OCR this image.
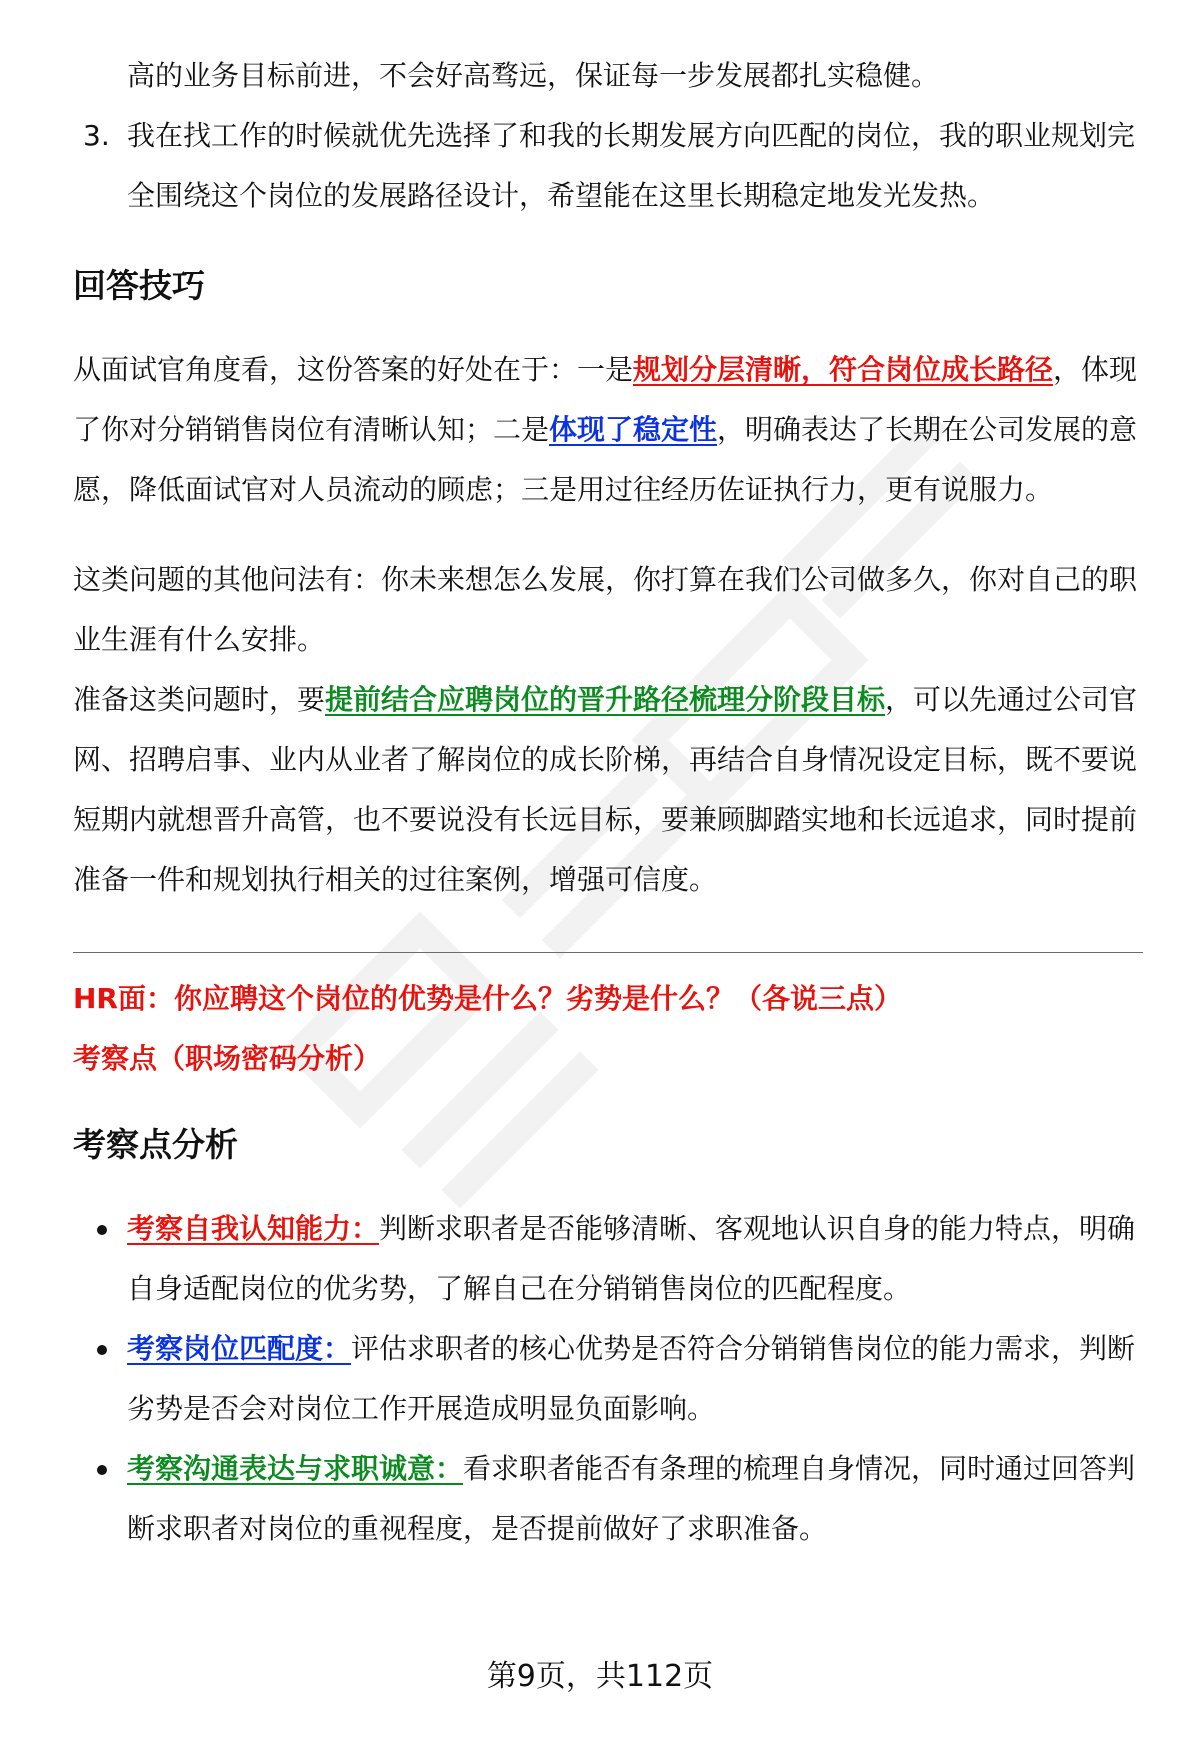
高的业务目标前进，不会好高骛远，保证每一步发展都扎实稳健。
3. 我在找工作的时候就优先选择了和我的长期发展方向匹配的岗位，我的职业规划完全围绕这个岗位的发展路径设计，希望能在这里长期稳定地发光发热。
回答技巧

从面试官角度看，这份答案的好处在于：一是规划分层清晰，符合岗位成长路径，体现了你对分销销售岗位有清晰认知；二是体现了稳定性，明确表达了长期在公司发展的意愿，降低面试官对人员流动的顾虑；三是用过往经历佐证执行力，更有说服力。

这类问题的其他问法有：你未来想怎么发展，你打算在我们公司做多久，你对自己的职业生涯有什么安排。

准备这类问题时，要提前结合应聘岗位的晋升路径梳理分阶段目标，可以先通过公司官网、招聘启事、业内从业者了解岗位的成长阶梯，再结合自身情况设定目标，既不要说短期内就想晋升高管，也不要说没有长远目标，要兼顾脚踏实地和长远追求，同时提前准备一件和规划执行相关的过往案例，增强可信度。

HR面：你应聘这个岗位的优势是什么？劣势是什么？（各说三点）
考察点（职场密码分析）
考察点分析
考察自我认知能力：判断求职者是否能够清晰、客观地认识自身的能力特点，明确自身适配岗位的优劣势，了解自己在分销销售岗位的匹配程度。
考察岗位匹配度：评估求职者的核心优势是否符合分销销售岗位的能力需求，判断劣势是否会对岗位工作开展造成明显负面影响。
考察沟通表达与求职诚意：看求职者能否有条理的梳理自身情况，同时通过回答判断求职者对岗位的重视程度，是否提前做好了求职准备。
第9页，共112页
